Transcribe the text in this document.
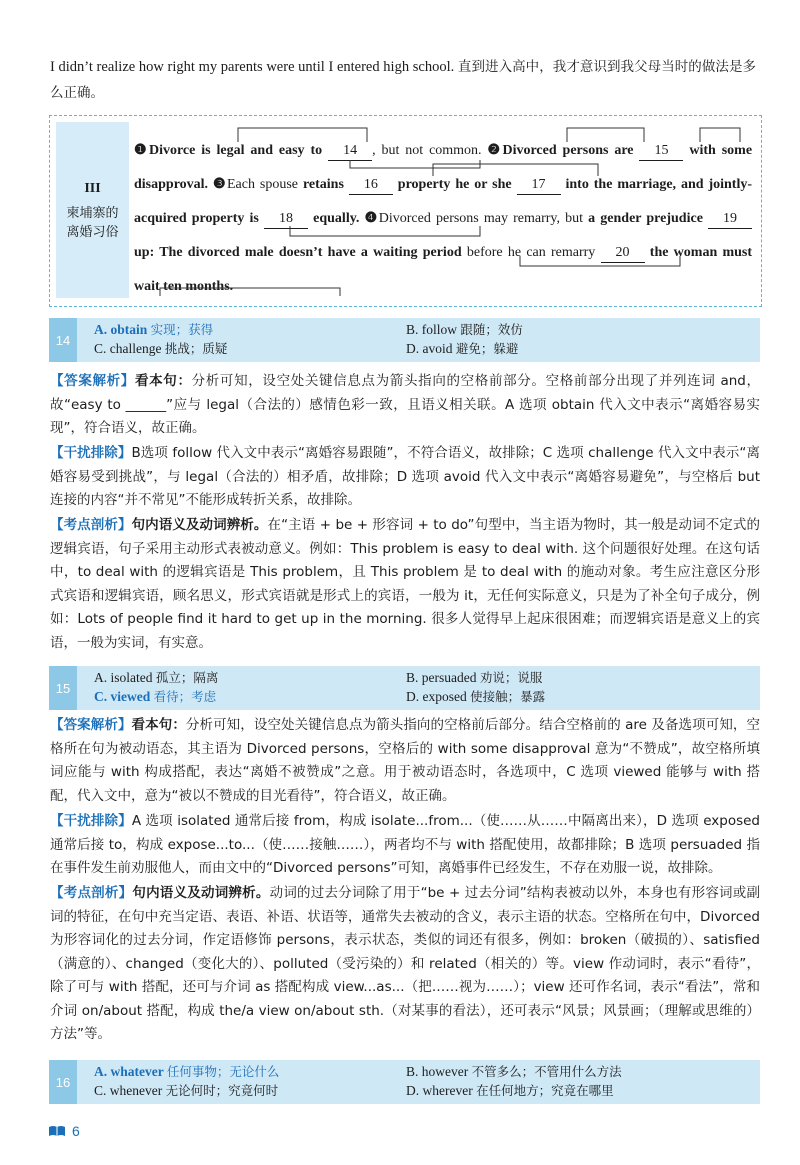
I didn’t realize how right my parents were until I entered high school. 直到进入高中，我才意识到我父母当时的做法是多么正确。
III
柬埔寨的离婚习俗
❶Divorce is legal and easy to 14 , but not common. ❷Divorced persons are 15 with some disapproval. ❸Each spouse retains 16 property he or she 17 into the marriage, and jointly-acquired property is 18 equally. ❹Divorced persons may remarry, but a gender prejudice 19 up: The divorced male doesn’t have a waiting period before he can remarry 20 the woman must wait ten months.
14
A. obtain 实现；获得	B. follow 跟随；效仿
C. challenge 挑战；质疑	D. avoid 避免；躲避
【答案解析】看本句：分析可知，设空处关键信息点为箭头指向的空格前部分。空格前部分出现了并列连词 and，故“easy to ______”应与 legal（合法的）感情色彩一致，且语义相关联。A 选项 obtain 代入文中表示“离婚容易实现”，符合语义，故正确。
【干扰排除】B选项 follow 代入文中表示“离婚容易跟随”，不符合语义，故排除；C 选项 challenge 代入文中表示“离婚容易受到挑战”，与 legal（合法的）相矛盾，故排除；D 选项 avoid 代入文中表示“离婚容易避免”，与空格后 but 连接的内容“并不常见”不能形成转折关系，故排除。
【考点剖析】句内语义及动词辨析。在“主语 + be + 形容词 + to do”句型中，当主语为物时，其一般是动词不定式的逻辑宾语，句子采用主动形式表被动意义。例如：This problem is easy to deal with. 这个问题很好处理。在这句话中，to deal with 的逻辑宾语是 This problem，且 This problem 是 to deal with 的施动对象。考生应注意区分形式宾语和逻辑宾语，顾名思义，形式宾语就是形式上的宾语，一般为 it，无任何实际意义，只是为了补全句子成分，例如：Lots of people find it hard to get up in the morning. 很多人觉得早上起床很困难；而逻辑宾语是意义上的宾语，一般为实词，有实意。
15
A. isolated 孤立；隔离	B. persuaded 劝说；说服
C. viewed 看待；考虑	D. exposed 使接触；暴露
【答案解析】看本句：分析可知，设空处关键信息点为箭头指向的空格前后部分。结合空格前的 are 及备选项可知，空格所在句为被动语态，其主语为 Divorced persons，空格后的 with some disapproval 意为“不赞成”，故空格所填词应能与 with 构成搭配，表达“离婚不被赞成”之意。用于被动语态时，各选项中，C 选项 viewed 能够与 with 搭配，代入文中，意为“被以不赞成的目光看待”，符合语义，故正确。
【干扰排除】A 选项 isolated 通常后接 from，构成 isolate...from...（使……从……中隔离出来），D 选项 exposed 通常后接 to，构成 expose...to...（使……接触……），两者均不与 with 搭配使用，故都排除；B 选项 persuaded 指在事件发生前劝服他人，而由文中的“Divorced persons”可知，离婚事件已经发生，不存在劝服一说，故排除。
【考点剖析】句内语义及动词辨析。动词的过去分词除了用于“be + 过去分词”结构表被动以外，本身也有形容词或副词的特征，在句中充当定语、表语、补语、状语等，通常失去被动的含义，表示主语的状态。空格所在句中，Divorced 为形容词化的过去分词，作定语修饰 persons，表示状态，类似的词还有很多，例如：broken（破损的）、satisfied（满意的）、changed（变化大的）、polluted（受污染的）和 related（相关的）等。view 作动词时，表示“看待”，除了可与 with 搭配，还可与介词 as 搭配构成 view...as...（把……视为……）；view 还可作名词，表示“看法”，常和介词 on/about 搭配，构成 the/a view on/about sth.（对某事的看法），还可表示“风景；风景画；（理解或思维的）方法”等。
16
A. whatever 任何事物；无论什么	B. however 不管多么；不管用什么方法
C. whenever 无论何时；究竟何时	D. wherever 在任何地方；究竟在哪里
6
